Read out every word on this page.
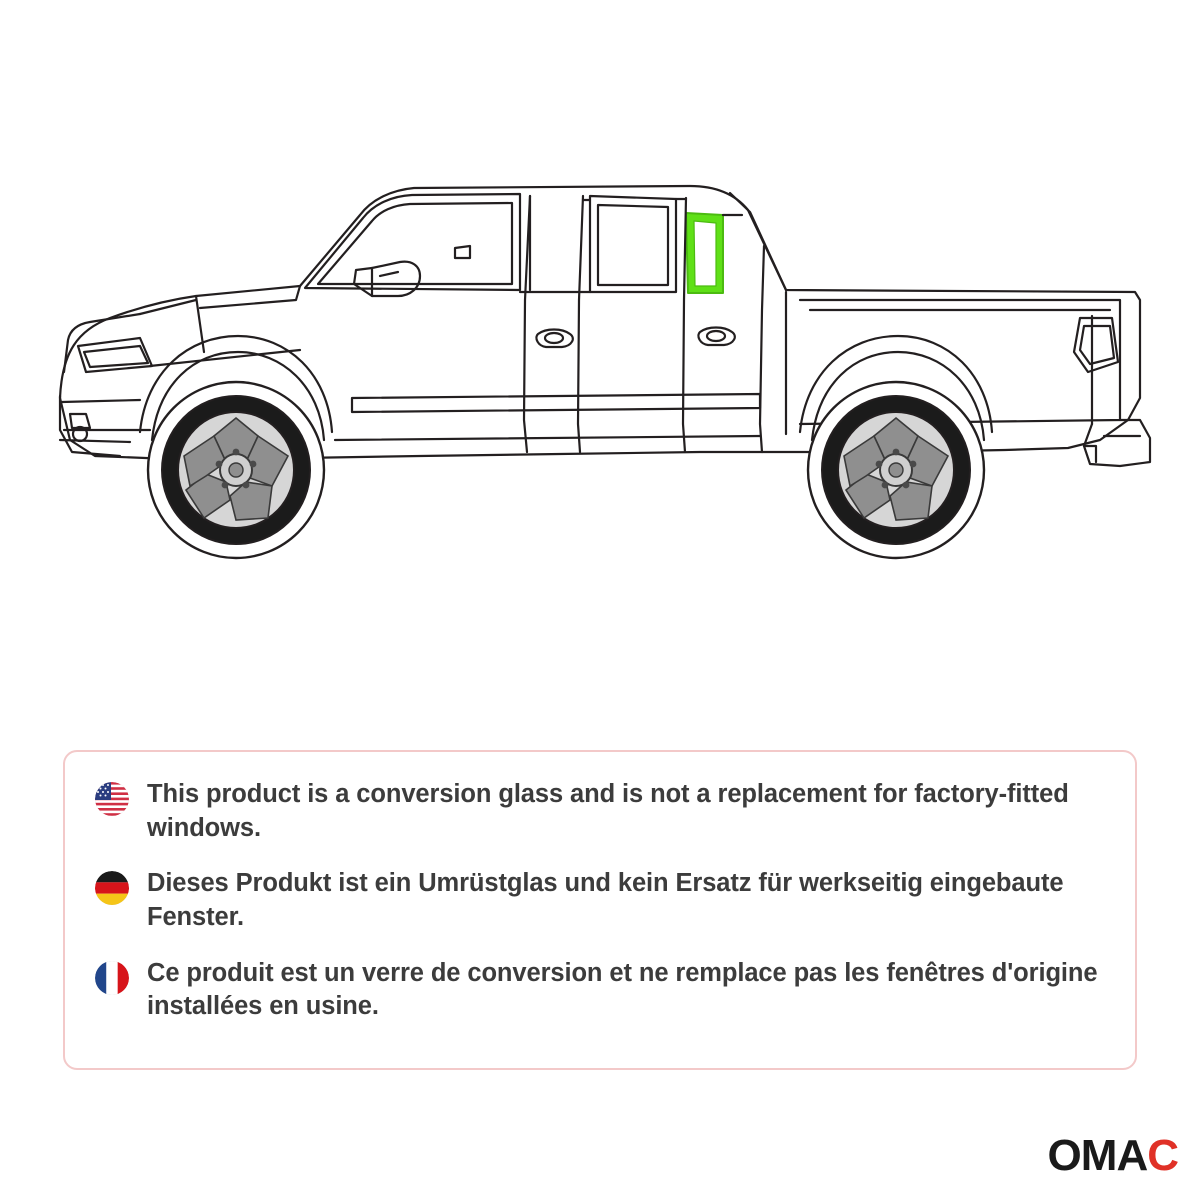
This product is a conversion glass and is not a replacement for factory-fitted windows.
Dieses Produkt ist ein Umrüstglas und kein Ersatz für werkseitig eingebaute Fenster.
Ce produit est un verre de conversion et ne remplace pas les fenêtres d'origine installées en usine.
O M A C
